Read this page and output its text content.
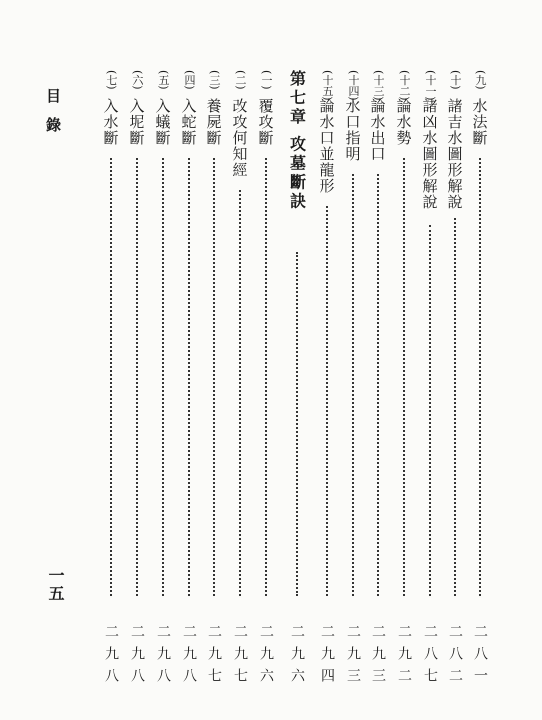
目錄
一五
(九)
水法斷
二八一
(十)
諸吉水圖形解說
二八二
(十一)
諸凶水圖形解說
二八七
(十二)
論水勢
二九二
(十三)
論水出口
二九三
(十四)
水口指明
二九三
(十五)
論水口並龍形
二九四
第七章 攻墓斷訣
二九六
(一)
覆攻斷
二九六
(二)
改攻何知經
二九七
(三)
養屍斷
二九七
(四)
入蛇斷
二九八
(五)
入蟻斷
二九八
(六)
入坭斷
二九八
(七)
入水斷
二九八
